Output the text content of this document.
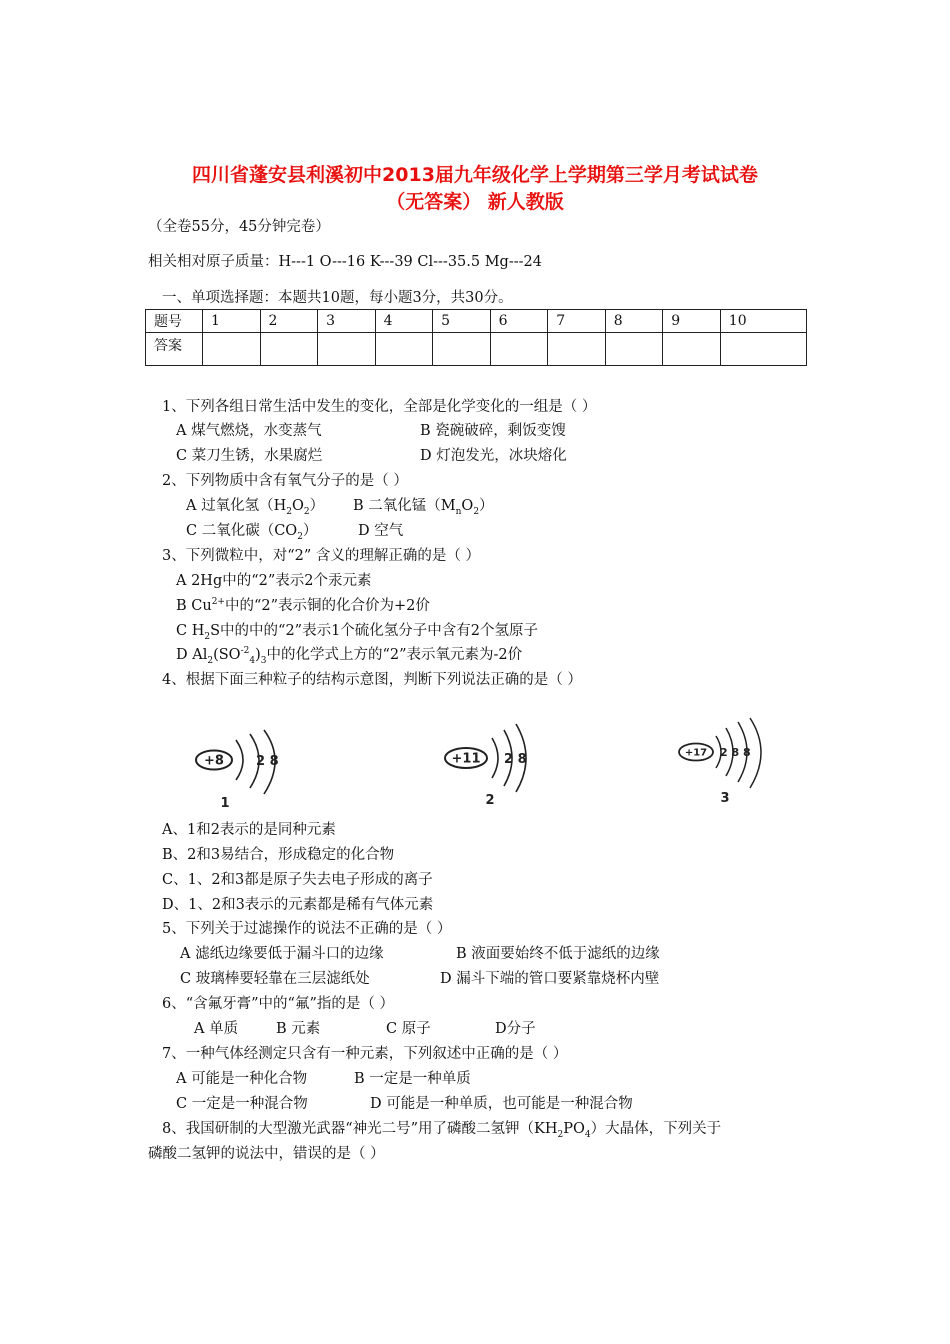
四川省蓬安县利溪初中2013届九年级化学上学期第三学月考试试卷
（无答案） 新人教版
（全卷55分，45分钟完卷）
相关相对原子质量：H---1 O---16 K---39 Cl---35.5 Mg---24
一、单项选择题：本题共10题，每小题3分，共30分。
题号	1	2	3	4	5	6	7	8	9	10
答案										
1、下列各组日常生活中发生的变化，全部是化学变化的一组是（ ）
A 煤气燃烧，水变蒸气	B 瓷碗破碎，剩饭变馊
C 菜刀生锈，水果腐烂	D 灯泡发光，冰块熔化
2、下列物质中含有氧气分子的是（ ）
A 过氧化氢$(H_2O_2)$ B 二氧化锰$(M_nO_2)$
C 二氧化碳$(CO_2)$	D 空气
3、下列微粒中，对“2” 含义的理解正确的是（ ）
A 2Hg中的“2”表示2个汞元素
B $Cu^{2+}$中的“2”表示铜的化合价为+2价
C $H_2S$中的中的“2”表示1个硫化氢分子中含有2个氢原子
D $Al_2(SO^{-2}_4)_3$中的化学式上方的“2”表示氧元素为-2价
4、根据下面三种粒子的结构示意图，判断下列说法正确的是（ ）
+8 2 8
1
+11 2 8
2
+17 2 8 8
3
A、1和2表示的是同种元素
B、2和3易结合，形成稳定的化合物
C、1、2和3都是原子失去电子形成的离子
D、1、2和3表示的元素都是稀有气体元素
5、下列关于过滤操作的说法不正确的是（ ）
A 滤纸边缘要低于漏斗口的边缘	B 液面要始终不低于滤纸的边缘
C 玻璃棒要轻靠在三层滤纸处	D 漏斗下端的管口要紧靠烧杯内壁
6、“含氟牙膏”中的“氟”指的是（ ）
A 单质	B 元素	C 原子	D分子
7、一种气体经测定只含有一种元素，下列叙述中正确的是（ ）
A 可能是一种化合物	B 一定是一种单质
C 一定是一种混合物	D 可能是一种单质，也可能是一种混合物
8、我国研制的大型激光武器“神光二号”用了磷酸二氢钾$(KH_2PO_4)$大晶体，下列关于
磷酸二氢钾的说法中，错误的是（ ）
